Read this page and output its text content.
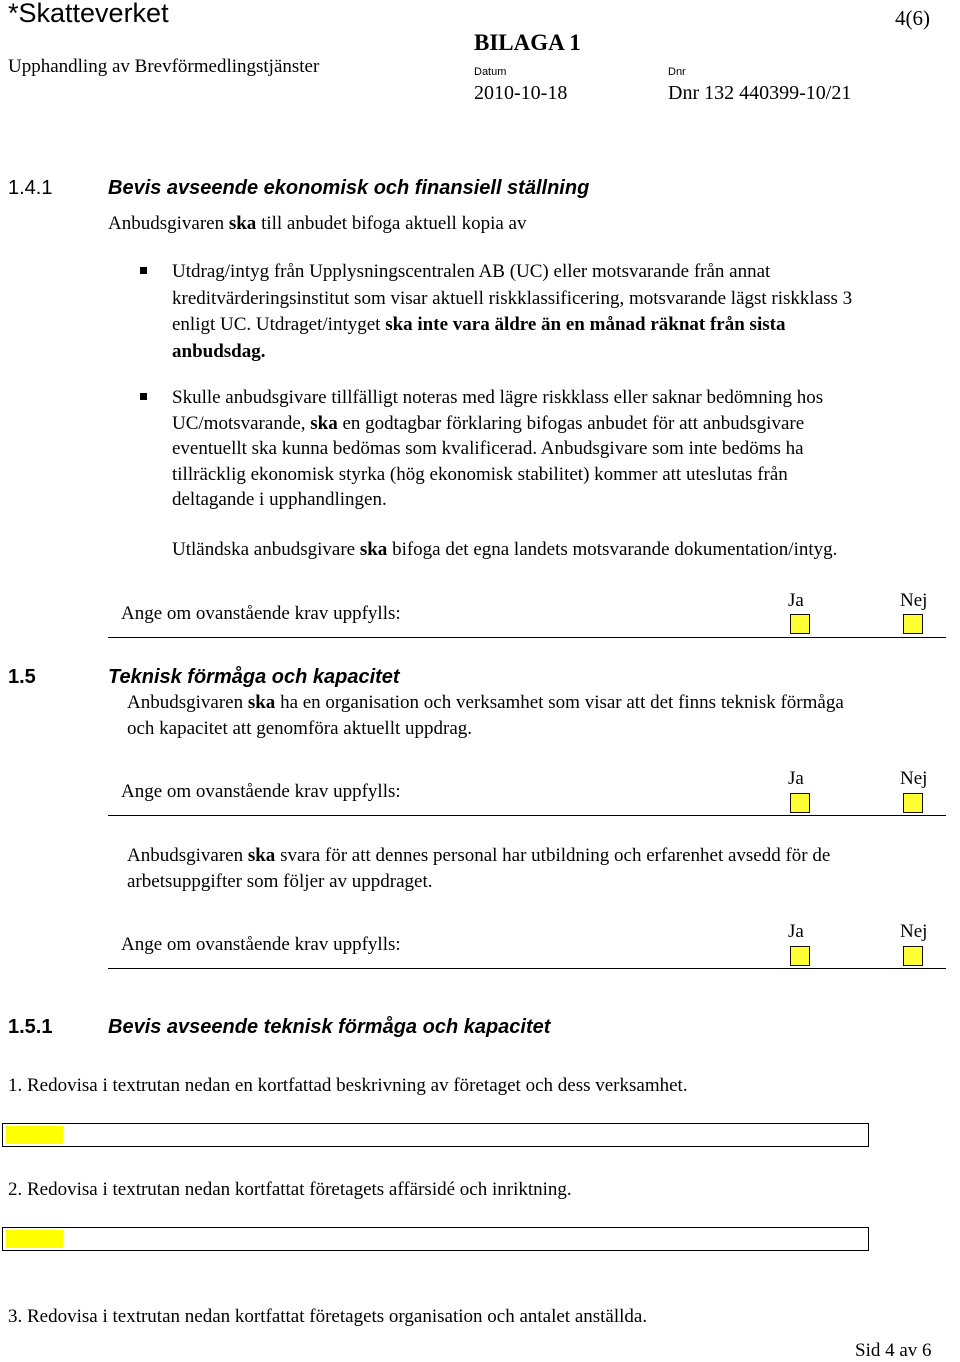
*Skatteverket	4(6)
Upphandling av Brevförmedlingstjänster
BILAGA 1
Datum
2010-10-18
Dnr
Dnr 132 440399-10/21
1.4.1	Bevis avseende ekonomisk och finansiell ställning
Anbudsgivaren ska till anbudet bifoga aktuell kopia av
Utdrag/intyg från Upplysningscentralen AB (UC) eller motsvarande från annat
kreditvärderingsinstitut som visar aktuell riskklassificering, motsvarande lägst riskklass 3
enligt UC. Utdraget/intyget ska inte vara äldre än en månad räknat från sista
anbudsdag.
Skulle anbudsgivare tillfälligt noteras med lägre riskklass eller saknar bedömning hos
UC/motsvarande, ska en godtagbar förklaring bifogas anbudet för att anbudsgivare
eventuellt ska kunna bedömas som kvalificerad. Anbudsgivare som inte bedöms ha
tillräcklig ekonomisk styrka (hög ekonomisk stabilitet) kommer att uteslutas från
deltagande i upphandlingen.
Utländska anbudsgivare ska bifoga det egna landets motsvarande dokumentation/intyg.
Ange om ovanstående krav uppfylls:
Ja	Nej
1.5	Teknisk förmåga och kapacitet
Anbudsgivaren ska ha en organisation och verksamhet som visar att det finns teknisk förmåga
och kapacitet att genomföra aktuellt uppdrag.
Ange om ovanstående krav uppfylls:
Ja	Nej
Anbudsgivaren ska svara för att dennes personal har utbildning och erfarenhet avsedd för de
arbetsuppgifter som följer av uppdraget.
Ange om ovanstående krav uppfylls:
Ja	Nej
1.5.1	Bevis avseende teknisk förmåga och kapacitet
1. Redovisa i textrutan nedan en kortfattad beskrivning av företaget och dess verksamhet.
2. Redovisa i textrutan nedan kortfattat företagets affärsidé och inriktning.
3. Redovisa i textrutan nedan kortfattat företagets organisation och antalet anställda.
Sid 4 av 6
